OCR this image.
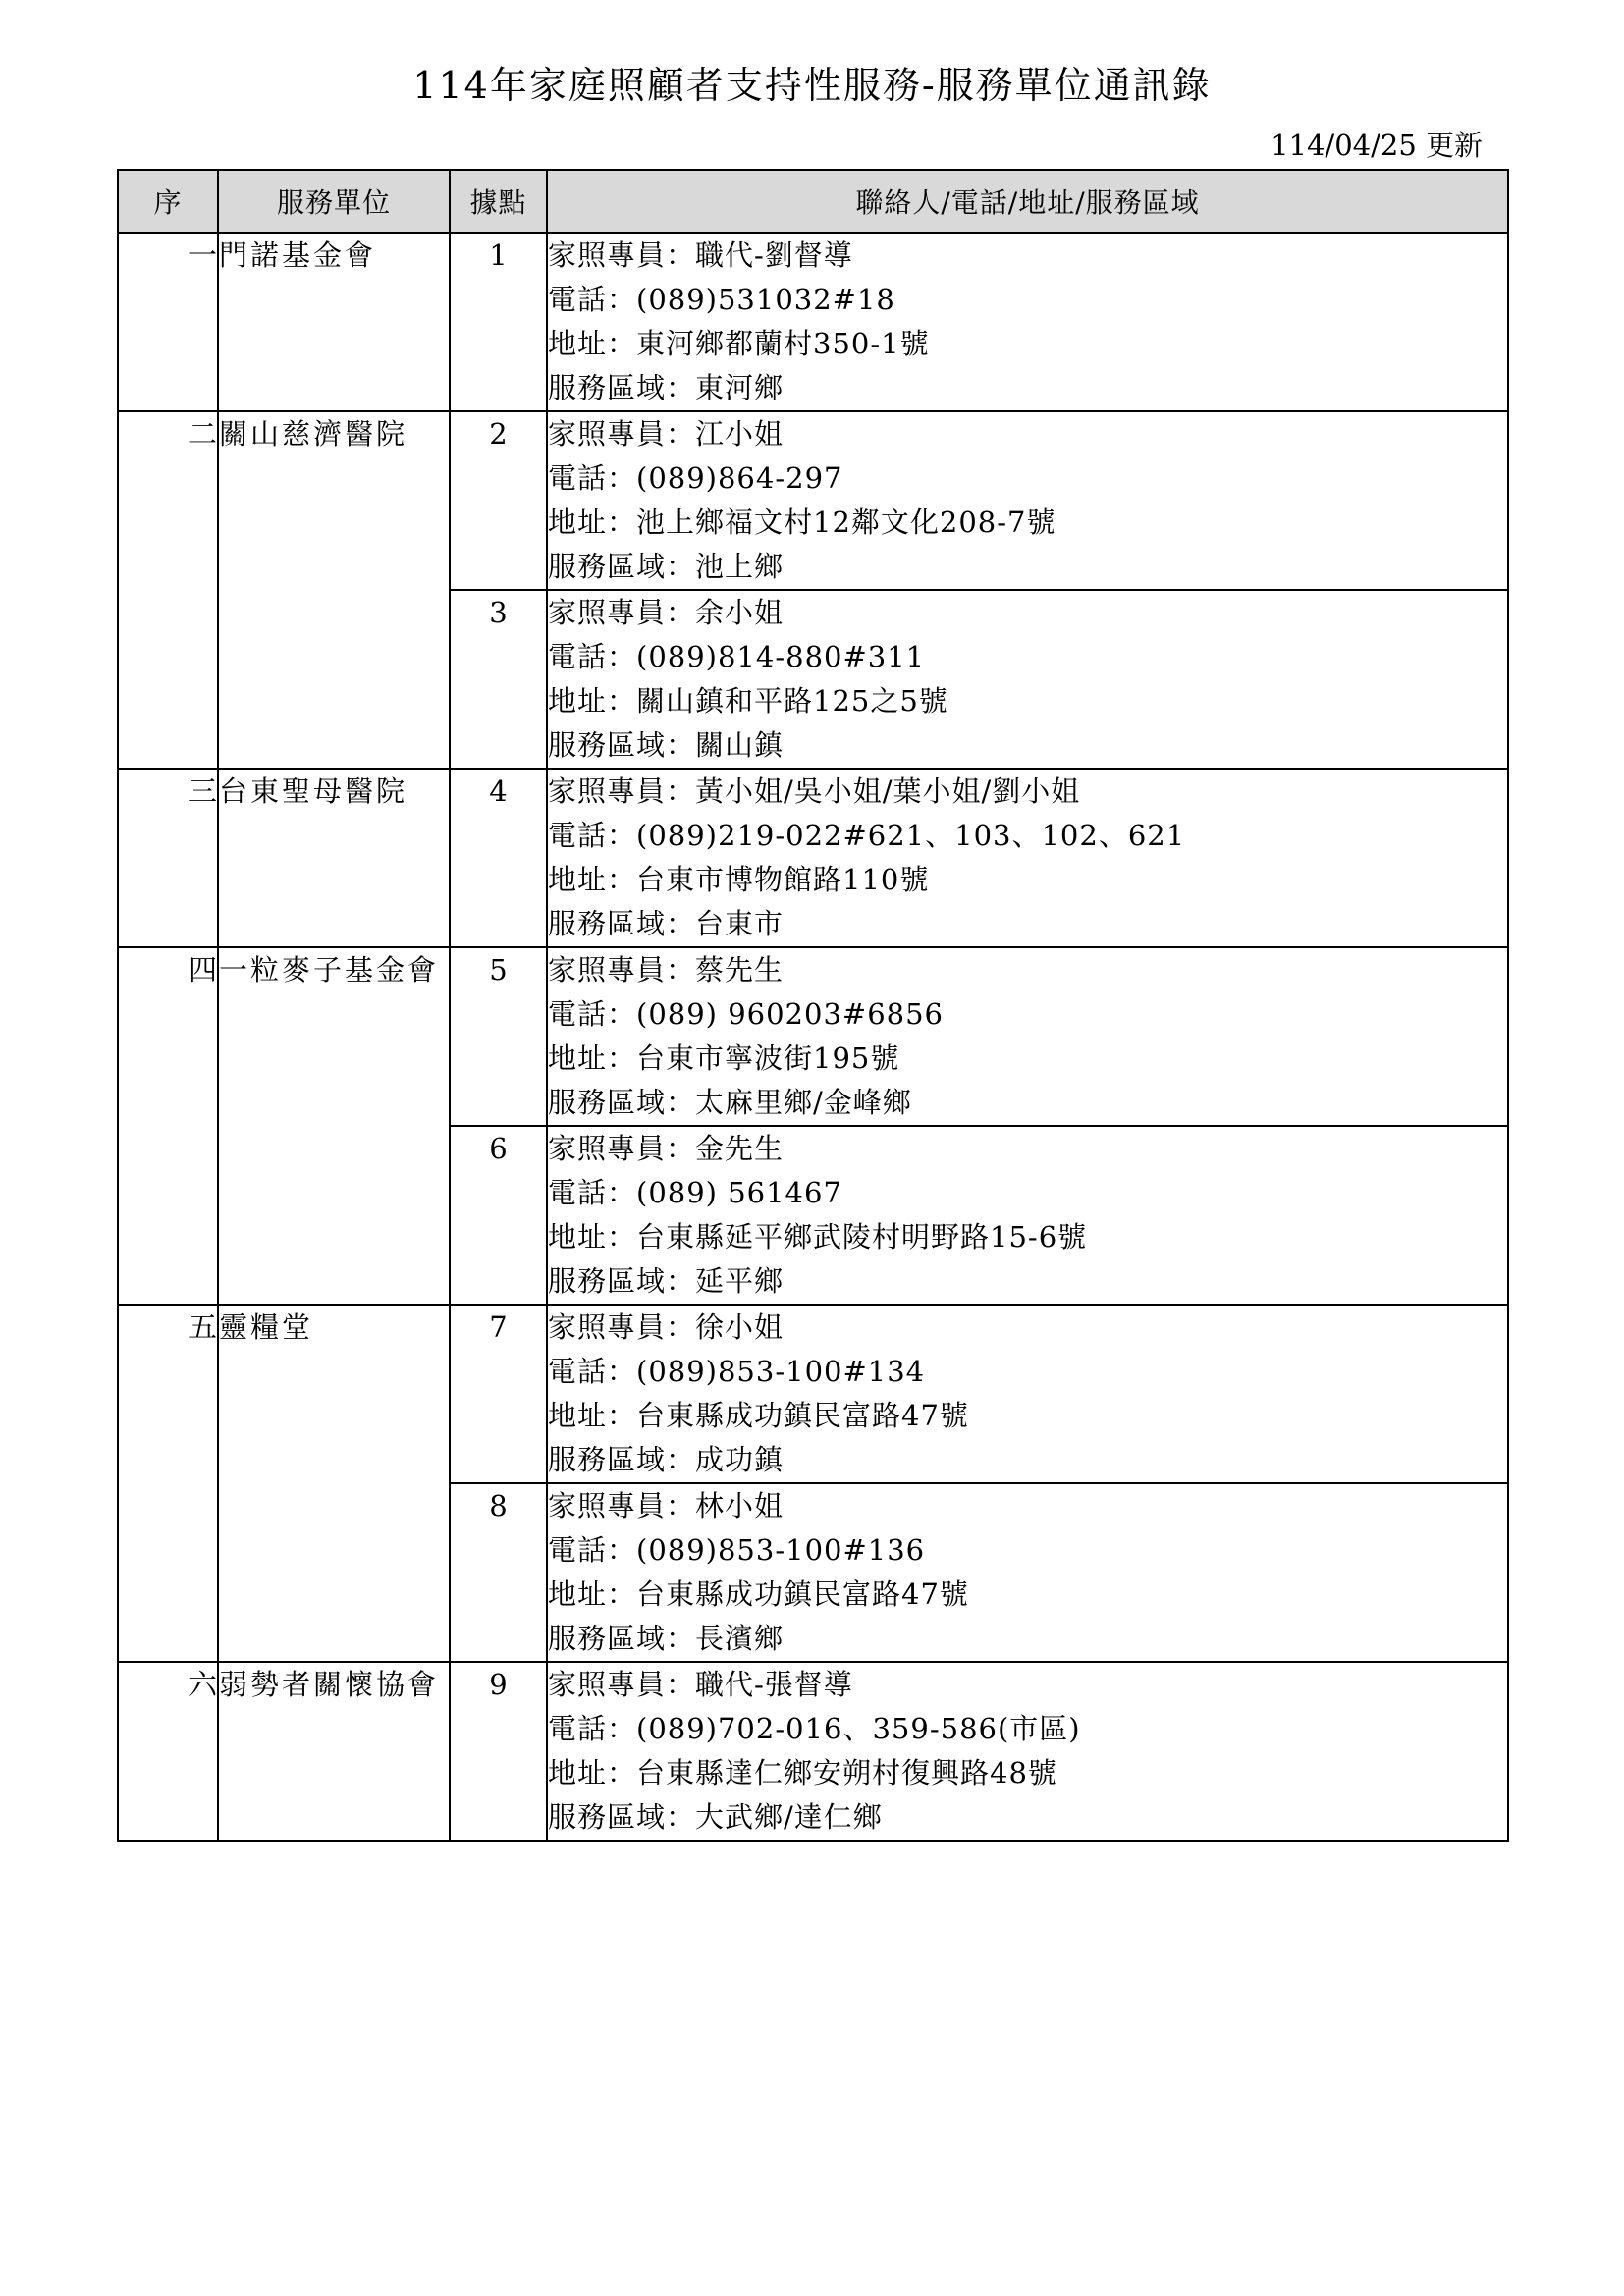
114年家庭照顧者支持性服務-服務單位通訊錄
114/04/25 更新
序	服務單位	據點	聯絡人/電話/地址/服務區域
一	門諾基金會	1	家照專員：職代-劉督導
電話：(089)531032#18
地址：東河鄉都蘭村350-1號
服務區域：東河鄉

二	關山慈濟醫院	2	家照專員：江小姐
電話：(089)864-297
地址：池上鄉福文村12鄰文化208-7號
服務區域：池上鄉

		3	家照專員：余小姐
電話：(089)814-880#311
地址：關山鎮和平路125之5號
服務區域：關山鎮

三	台東聖母醫院	4	家照專員：黃小姐/吳小姐/葉小姐/劉小姐
電話：(089)219-022#621、103、102、621
地址：台東市博物館路110號
服務區域：台東市

四	一粒麥子基金會	5	家照專員：蔡先生
電話：(089) 960203#6856
地址：台東市寧波街195號
服務區域：太麻里鄉/金峰鄉

		6	家照專員：金先生
電話：(089) 561467
地址：台東縣延平鄉武陵村明野路15-6號
服務區域：延平鄉

五	靈糧堂	7	家照專員：徐小姐
電話：(089)853-100#134
地址：台東縣成功鎮民富路47號
服務區域：成功鎮

		8	家照專員：林小姐
電話：(089)853-100#136
地址：台東縣成功鎮民富路47號
服務區域：長濱鄉

六	弱勢者關懷協會	9	家照專員：職代-張督導
電話：(089)702-016、359-586(市區)
地址：台東縣達仁鄉安朔村復興路48號
服務區域：大武鄉/達仁鄉
